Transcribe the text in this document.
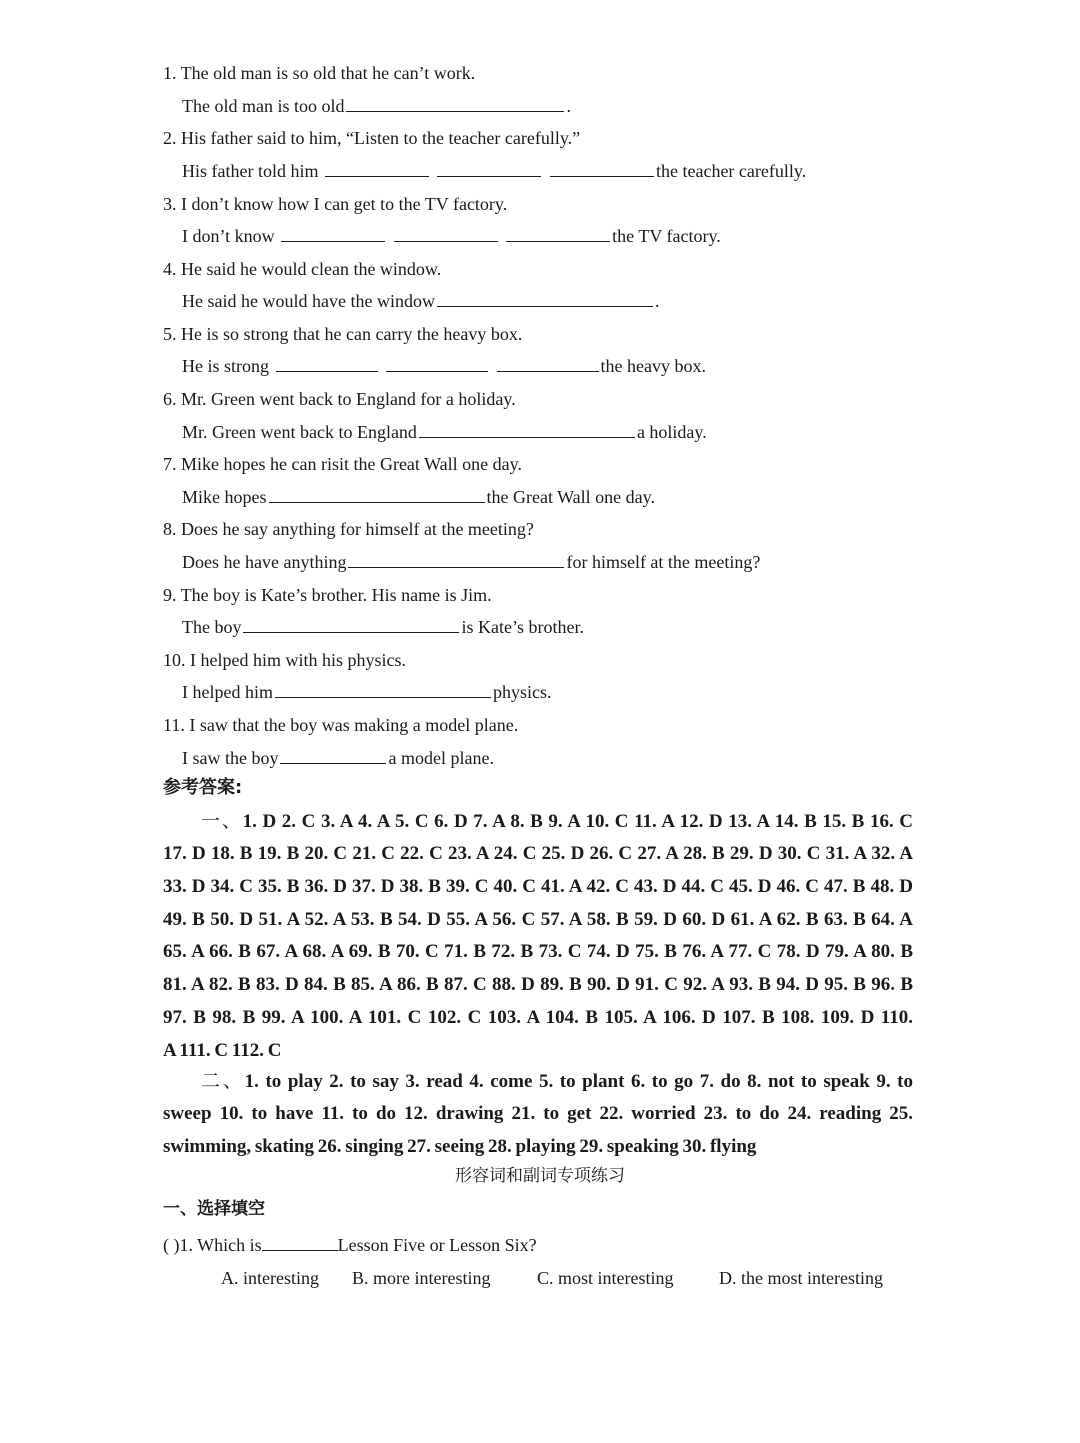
1. The old man is so old that he can’t work.
The old man is too old	.
2. His father said to him, “Listen to the teacher carefully.”
His father told him	the teacher carefully.
3. I don’t know how I can get to the TV factory.
I don’t know	the TV factory.
4. He said he would clean the window.
He said he would have the window	.
5. He is so strong that he can carry the heavy box.
He is strong	the heavy box.
6. Mr. Green went back to England for a holiday.
Mr. Green went back to England	a holiday.
7. Mike hopes he can risit the Great Wall one day.
Mike hopes	the Great Wall one day.
8. Does he say anything for himself at the meeting?
Does he have anything	for himself at the meeting?
9. The boy is Kate’s brother. His name is Jim.
The boy	is Kate’s brother.
10. I helped him with his physics.
I helped him	physics.
11. I saw that the boy was making a model plane.
I saw the boy	a model plane.
参考答案:
一、1. D 2. C 3. A 4. A 5. C 6. D 7. A 8. B 9. A 10. C 11. A 12. D 13. A 14. B 15. B 16. C
17. D 18. B 19. B 20. C 21. C 22. C 23. A 24. C 25. D 26. C 27. A 28. B 29. D 30. C 31. A 32. A
33. D 34. C 35. B 36. D 37. D 38. B 39. C 40. C 41. A 42. C 43. D 44. C 45. D 46. C 47. B 48. D
49. B 50. D 51. A 52. A 53. B 54. D 55. A 56. C 57. A 58. B 59. D 60. D 61. A 62. B 63. B 64. A
65. A 66. B 67. A 68. A 69. B 70. C 71. B 72. B 73. C 74. D 75. B 76. A 77. C 78. D 79. A 80. B
81. A 82. B 83. D 84. B 85. A 86. B 87. C 88. D 89. B 90. D 91. C 92. A 93. B 94. D 95. B 96. B
97. B 98. B 99. A 100. A 101. C 102. C 103. A 104. B 105. A 106. D 107. B 108. 109. D 110.
A 111. C 112. C
二、1. to play 2. to say 3. read 4. come 5. to plant 6. to go 7. do 8. not to speak 9. to
sweep 10. to have 11. to do 12. drawing 21. to get 22. worried 23. to do 24. reading 25.
swimming, skating 26. singing 27. seeing 28. playing 29. speaking 30. flying
形容词和副词专项练习
一、选择填空
( )1. Which is	Lesson Five or Lesson Six?
A. interesting B. more interesting	C. most interesting	D. the most interesting
